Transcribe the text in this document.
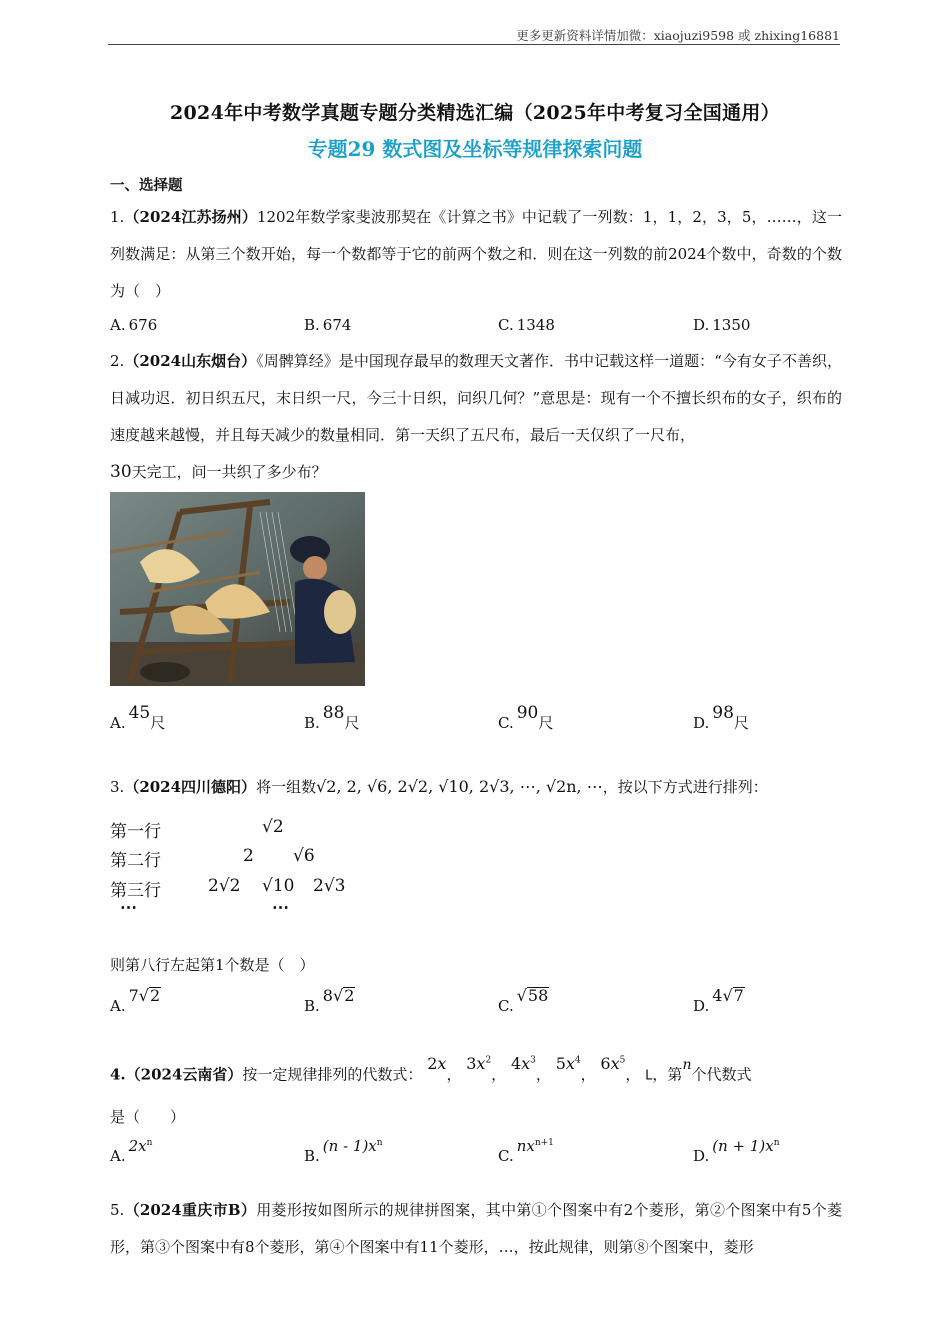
更多更新资料详情加微：xiaojuzi9598 或 zhixing16881
2024年中考数学真题专题分类精选汇编（2025年中考复习全国通用）
专题29 数式图及坐标等规律探索问题
一、选择题
1.（2024江苏扬州）1202年数学家斐波那契在《计算之书》中记载了一列数：1，1，2，3，5，……，这一列数满足：从第三个数开始，每一个数都等于它的前两个数之和．则在这一列数的前2024个数中，奇数的个数为（　）
A. 676	B. 674	C. 1348	D. 1350
2.（2024山东烟台）《周髀算经》是中国现存最早的数理天文著作．书中记载这样一道题：“今有女子不善织，日减功迟．初日织五尺，末日织一尺，今三十日织，问织几何？”意思是：现有一个不擅长织布的女子，织布的速度越来越慢，并且每天减少的数量相同．第一天织了五尺布，最后一天仅织了一尺布，
30天完工，问一共织了多少布？
A. 45尺	B. 88尺	C. 90尺	D. 98尺
3.（2024四川德阳）将一组数√2, 2, √6, 2√2, √10, 2√3, ⋯, √2n, ⋯，按以下方式进行排列：
第一行	√2
第二行	2 √6
第三行	2√2 √10 2√3
⋯	⋯
则第八行左起第1个数是（　）
A.7√2
B.8√2
C.√58
D.4√7
4.（2024云南省）按一定规律排列的代数式： 2x， $3x^2$， $4x^3$， $5x^4$， $6x^5$， L，第n个代数式
是（　　）
$A.2x^n$
$B.(n - 1)x^n$
$C.nx^{n+1}$
$D.(n + 1)x^n$
5.（2024重庆市B）用菱形按如图所示的规律拼图案，其中第①个图案中有2个菱形，第②个图案中有5个菱形，第③个图案中有8个菱形，第④个图案中有11个菱形，…，按此规律，则第⑧个图案中，菱形
